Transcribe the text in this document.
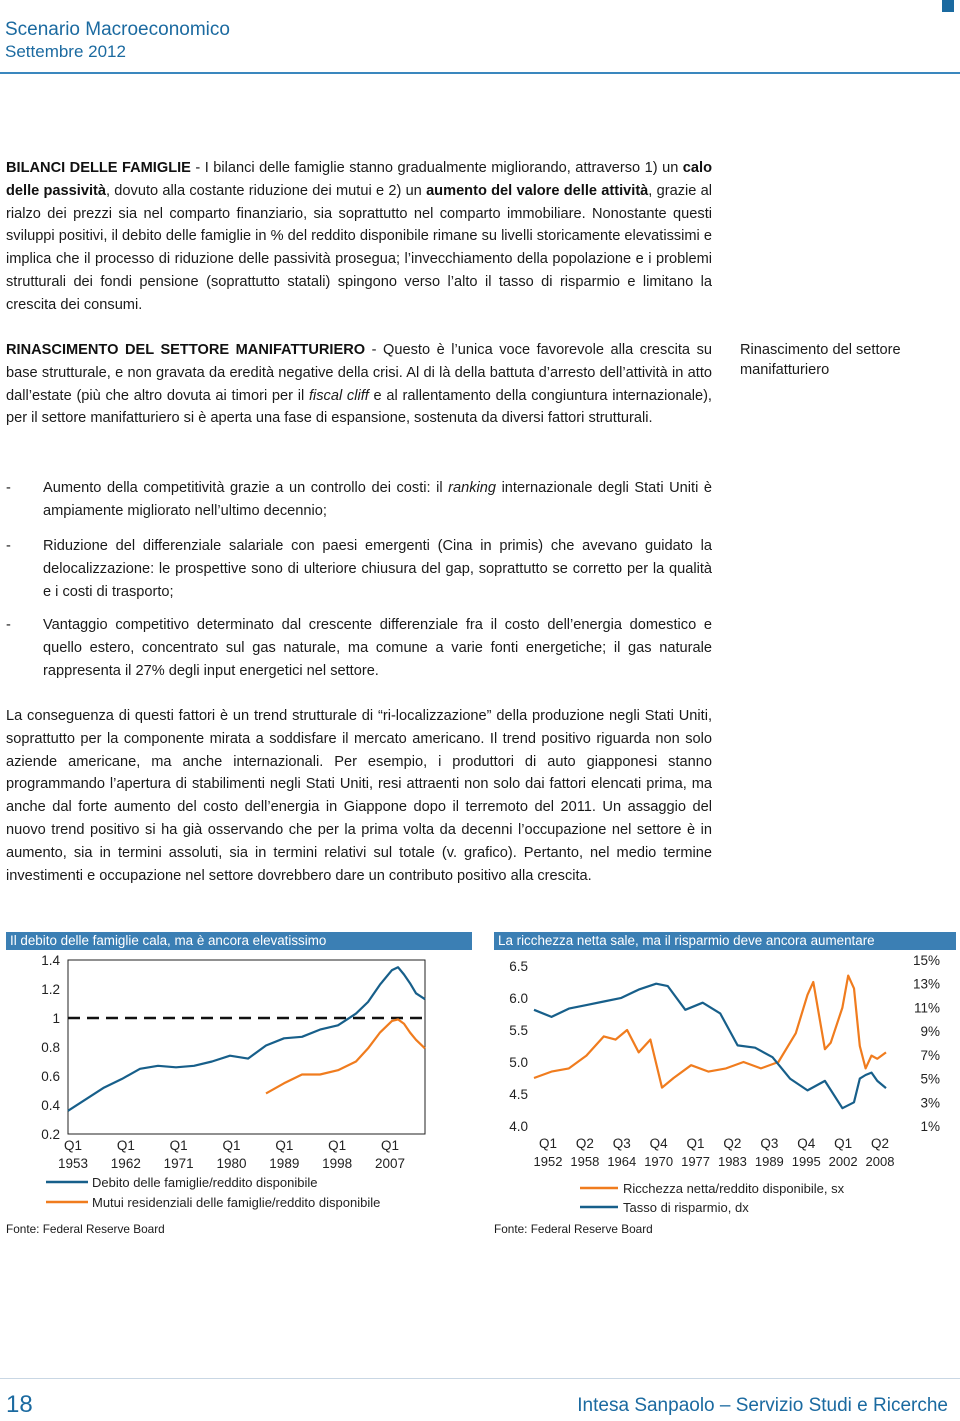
Scenario Macroeconomico
Settembre 2012
BILANCI DELLE FAMIGLIE - I bilanci delle famiglie stanno gradualmente migliorando, attraverso 1) un calo delle passività, dovuto alla costante riduzione dei mutui e 2) un aumento del valore delle attività, grazie al rialzo dei prezzi sia nel comparto finanziario, sia soprattutto nel comparto immobiliare. Nonostante questi sviluppi positivi, il debito delle famiglie in % del reddito disponibile rimane su livelli storicamente elevatissimi e implica che il processo di riduzione delle passività prosegua; l’invecchiamento della popolazione e i problemi strutturali dei fondi pensione (soprattutto statali) spingono verso l’alto il tasso di risparmio e limitano la crescita dei consumi.
RINASCIMENTO DEL SETTORE MANIFATTURIERO - Questo è l’unica voce favorevole alla crescita su base strutturale, e non gravata da eredità negative della crisi. Al di là della battuta d’arresto dell’attività in atto dall’estate (più che altro dovuta ai timori per il fiscal cliff e al rallentamento della congiuntura internazionale), per il settore manifatturiero si è aperta una fase di espansione, sostenuta da diversi fattori strutturali.
Rinascimento del settore manifatturiero
- Aumento della competitività grazie a un controllo dei costi: il ranking internazionale degli Stati Uniti è ampiamente migliorato nell’ultimo decennio;
- Riduzione del differenziale salariale con paesi emergenti (Cina in primis) che avevano guidato la delocalizzazione: le prospettive sono di ulteriore chiusura del gap, soprattutto se corretto per la qualità e i costi di trasporto;
- Vantaggio competitivo determinato dal crescente differenziale fra il costo dell’energia domestico e quello estero, concentrato sul gas naturale, ma comune a varie fonti energetiche; il gas naturale rappresenta il 27% degli input energetici nel settore.
La conseguenza di questi fattori è un trend strutturale di “ri-localizzazione” della produzione negli Stati Uniti, soprattutto per la componente mirata a soddisfare il mercato americano. Il trend positivo riguarda non solo aziende americane, ma anche internazionali. Per esempio, i produttori di auto giapponesi stanno programmando l’apertura di stabilimenti negli Stati Uniti, resi attraenti non solo dai fattori elencati prima, ma anche dal forte aumento del costo dell’energia in Giappone dopo il terremoto del 2011. Un assaggio del nuovo trend positivo si ha già osservando che per la prima volta da decenni l’occupazione nel settore è in aumento, sia in termini assoluti, sia in termini relativi sul totale (v. grafico). Pertanto, nel medio termine investimenti e occupazione nel settore dovrebbero dare un contributo positivo alla crescita.
Il debito delle famiglie cala, ma è ancora elevatissimo
1.4
1.2
1
0.8
0.6
0.4
0.2
Q1
1953
Q1
1962
Q1
1971
Q1
1980
Q1
1989
Q1
1998
Q1
2007
Debito delle famiglie/reddito disponibile
Mutui residenziali delle famiglie/reddito disponibile
Fonte: Federal Reserve Board
La ricchezza netta sale, ma il risparmio deve ancora aumentare
6.5
6.0
5.5
5.0
4.5
4.0
15%
13%
11%
9%
7%
5%
3%
1%
Q1
1952
Q2
1958
Q3
1964
Q4
1970
Q1
1977
Q2
1983
Q3
1989
Q4
1995
Q1
2002
Q2
2008
Ricchezza netta/reddito disponibile, sx
Tasso di risparmio, dx
Fonte: Federal Reserve Board
18	Intesa Sanpaolo – Servizio Studi e Ricerche
